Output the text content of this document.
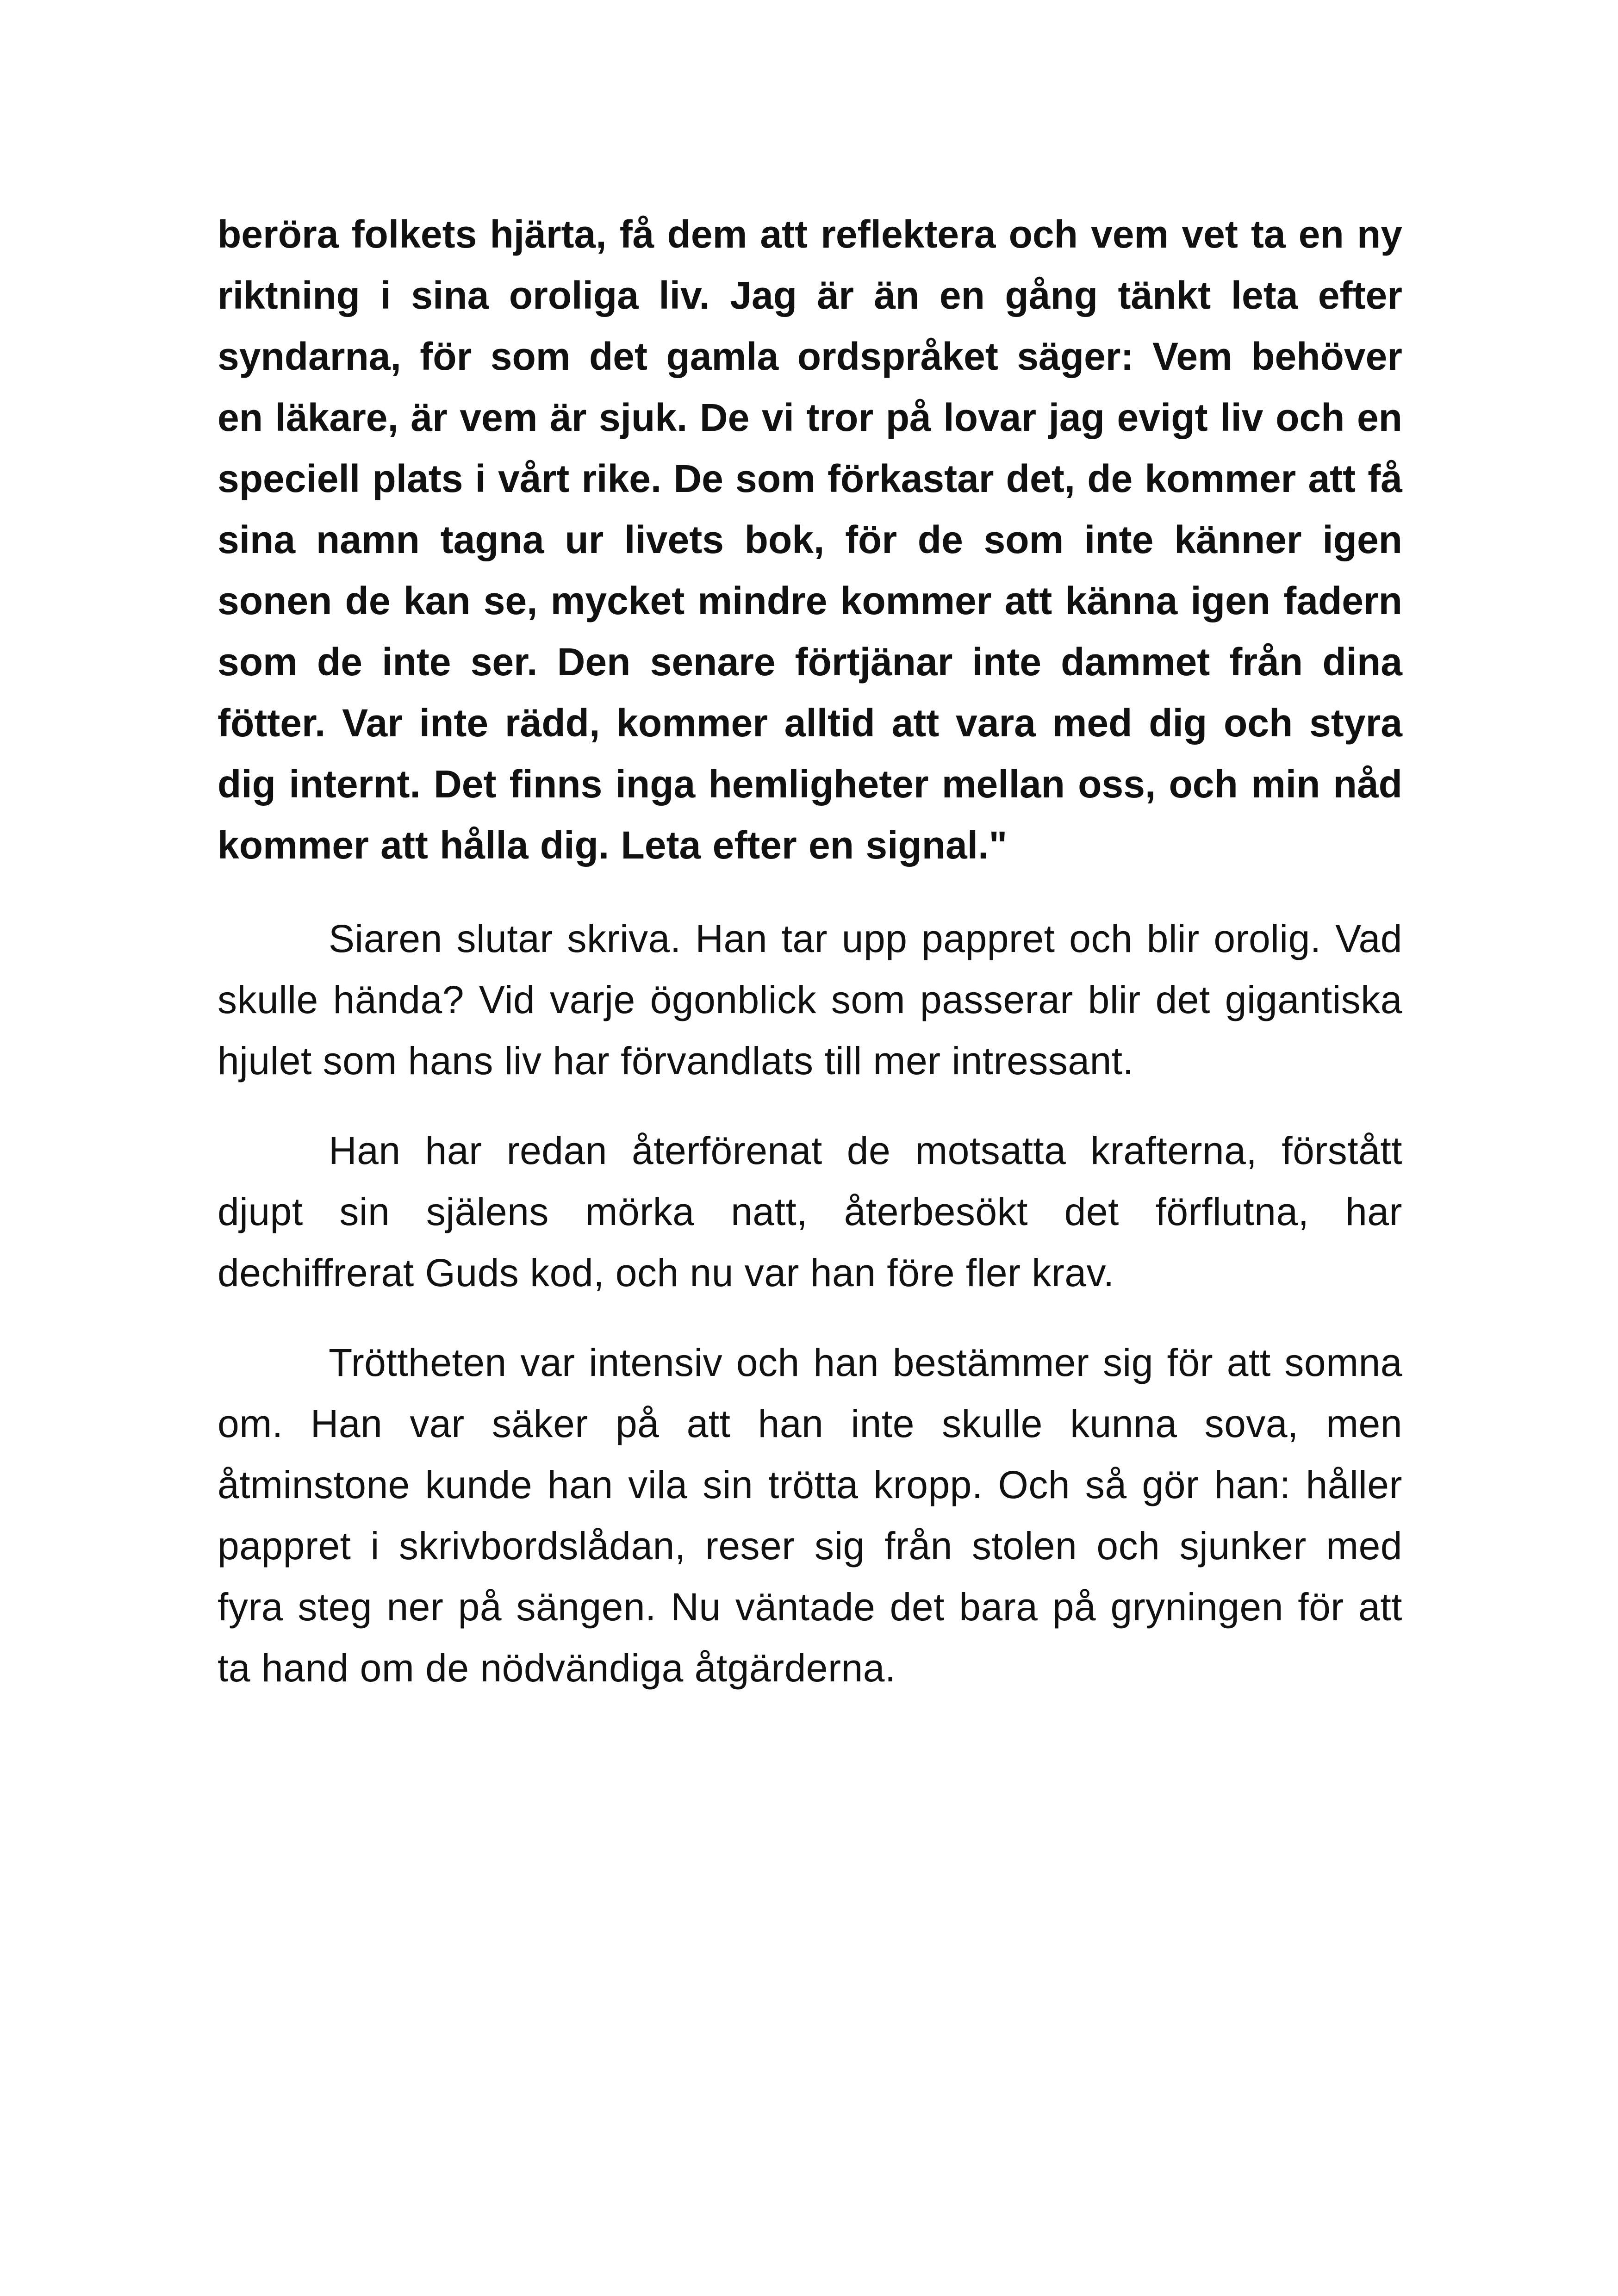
beröra folkets hjärta, få dem att reflektera och vem vet ta en ny riktning i sina oroliga liv. Jag är än en gång tänkt leta efter syndarna, för som det gamla ordspråket säger: Vem behöver en läkare, är vem är sjuk. De vi tror på lovar jag evigt liv och en speciell plats i vårt rike. De som förkastar det, de kommer att få sina namn tagna ur livets bok, för de som inte känner igen sonen de kan se, mycket mindre kommer att känna igen fadern som de inte ser. Den senare förtjänar inte dammet från dina fötter. Var inte rädd, kommer alltid att vara med dig och styra dig internt. Det finns inga hemligheter mellan oss, och min nåd kommer att hålla dig. Leta efter en signal."

Siaren slutar skriva. Han tar upp pappret och blir orolig. Vad skulle hända? Vid varje ögonblick som passerar blir det gigantiska hjulet som hans liv har förvandlats till mer intressant.

Han har redan återförenat de motsatta krafterna, förstått djupt sin själens mörka natt, återbesökt det förflutna, har dechiffrerat Guds kod, och nu var han före fler krav.

Tröttheten var intensiv och han bestämmer sig för att somna om. Han var säker på att han inte skulle kunna sova, men åtminstone kunde han vila sin trötta kropp. Och så gör han: håller pappret i skrivbordslådan, reser sig från stolen och sjunker med fyra steg ner på sängen. Nu väntade det bara på gryningen för att ta hand om de nödvändiga åtgärderna.
